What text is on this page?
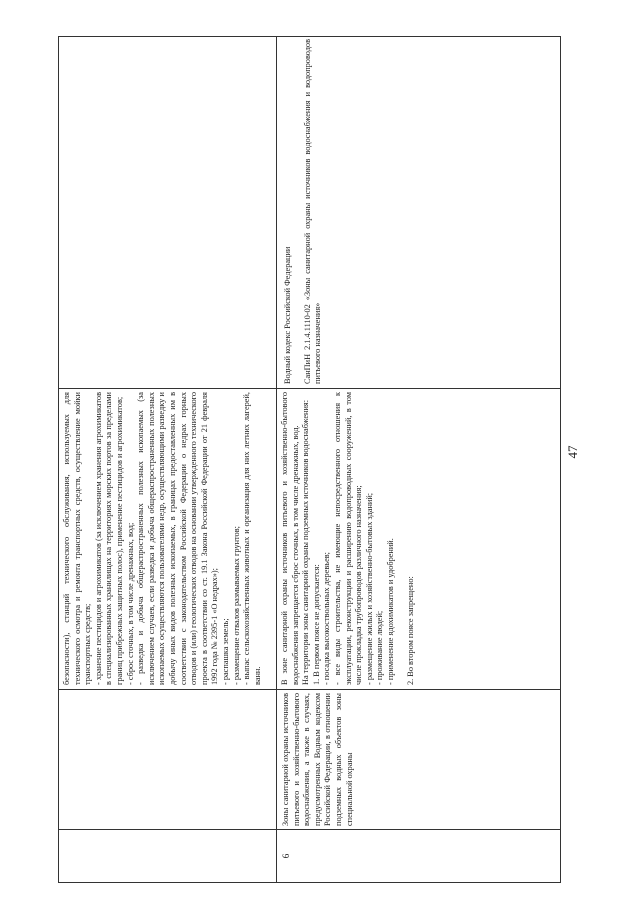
47

безопасности), станций технического обслуживания, используемых для технического осмотра и ремонта транспортных средств, осуществление мойки транспортных средств; - хранение пестицидов и агрохимикатов (за исключением хранения агрохимикатов в специализированных хранилищах на территориях морских портов за пределами границ прибрежных защитных полос), применение пестицидов и агрохимикатов; - сброс сточных, в том числе дренажных, вод; - разведка и добыча общераспространенных полезных ископаемых (за исключением случаев, если разведка и добыча общераспространенных полезных ископаемых осуществляются пользователями недр, осуществляющими разведку и добычу иных видов полезных ископаемых, в границах предоставленных им в соответствии с законодательством Российской Федерации о недрах горных отводов и (или) геологических отводов на основании утвержденного технического проекта в соответствии со ст. 19.1 Закона Российской Федерации от 21 февраля 1992 года № 2395-1 «О недрах»); - распашка земель; - размещение отвалов размываемых грунтов; - выпас сельскохозяйственных животных и организация для них летних лагерей, ванн.

6
Зоны санитарной охраны источников питьевого и хозяйственно-бытового водоснабжения, а также в случаях, предусмотренных Водным кодексом Российской Федерации, в отношении подземных водных объектов зоны специальной охраны

В зоне санитарной охраны источников питьевого и хозяйственно-бытового водоснабжения запрещается сброс сточных, в том числе дренажных, вод. На территории зоны санитарной охраны подземных источников водоснабжения: 1. В первом поясе не допускается: - посадка высокоствольных деревьев; - все виды строительства, не имеющие непосредственного отношения к эксплуатации, реконструкции и расширению водопроводных сооружений, в том числе прокладка трубопроводов различного назначения; - размещение жилых и хозяйственно-бытовых зданий; - проживание людей; - применение ядохимикатов и удобрений. 2. Во втором поясе запрещено:

Водный кодекс Российской Федерации СанПиН 2.1.4.1110-02 «Зоны санитарной охраны источников водоснабжения и водопроводов питьевого назначения»
